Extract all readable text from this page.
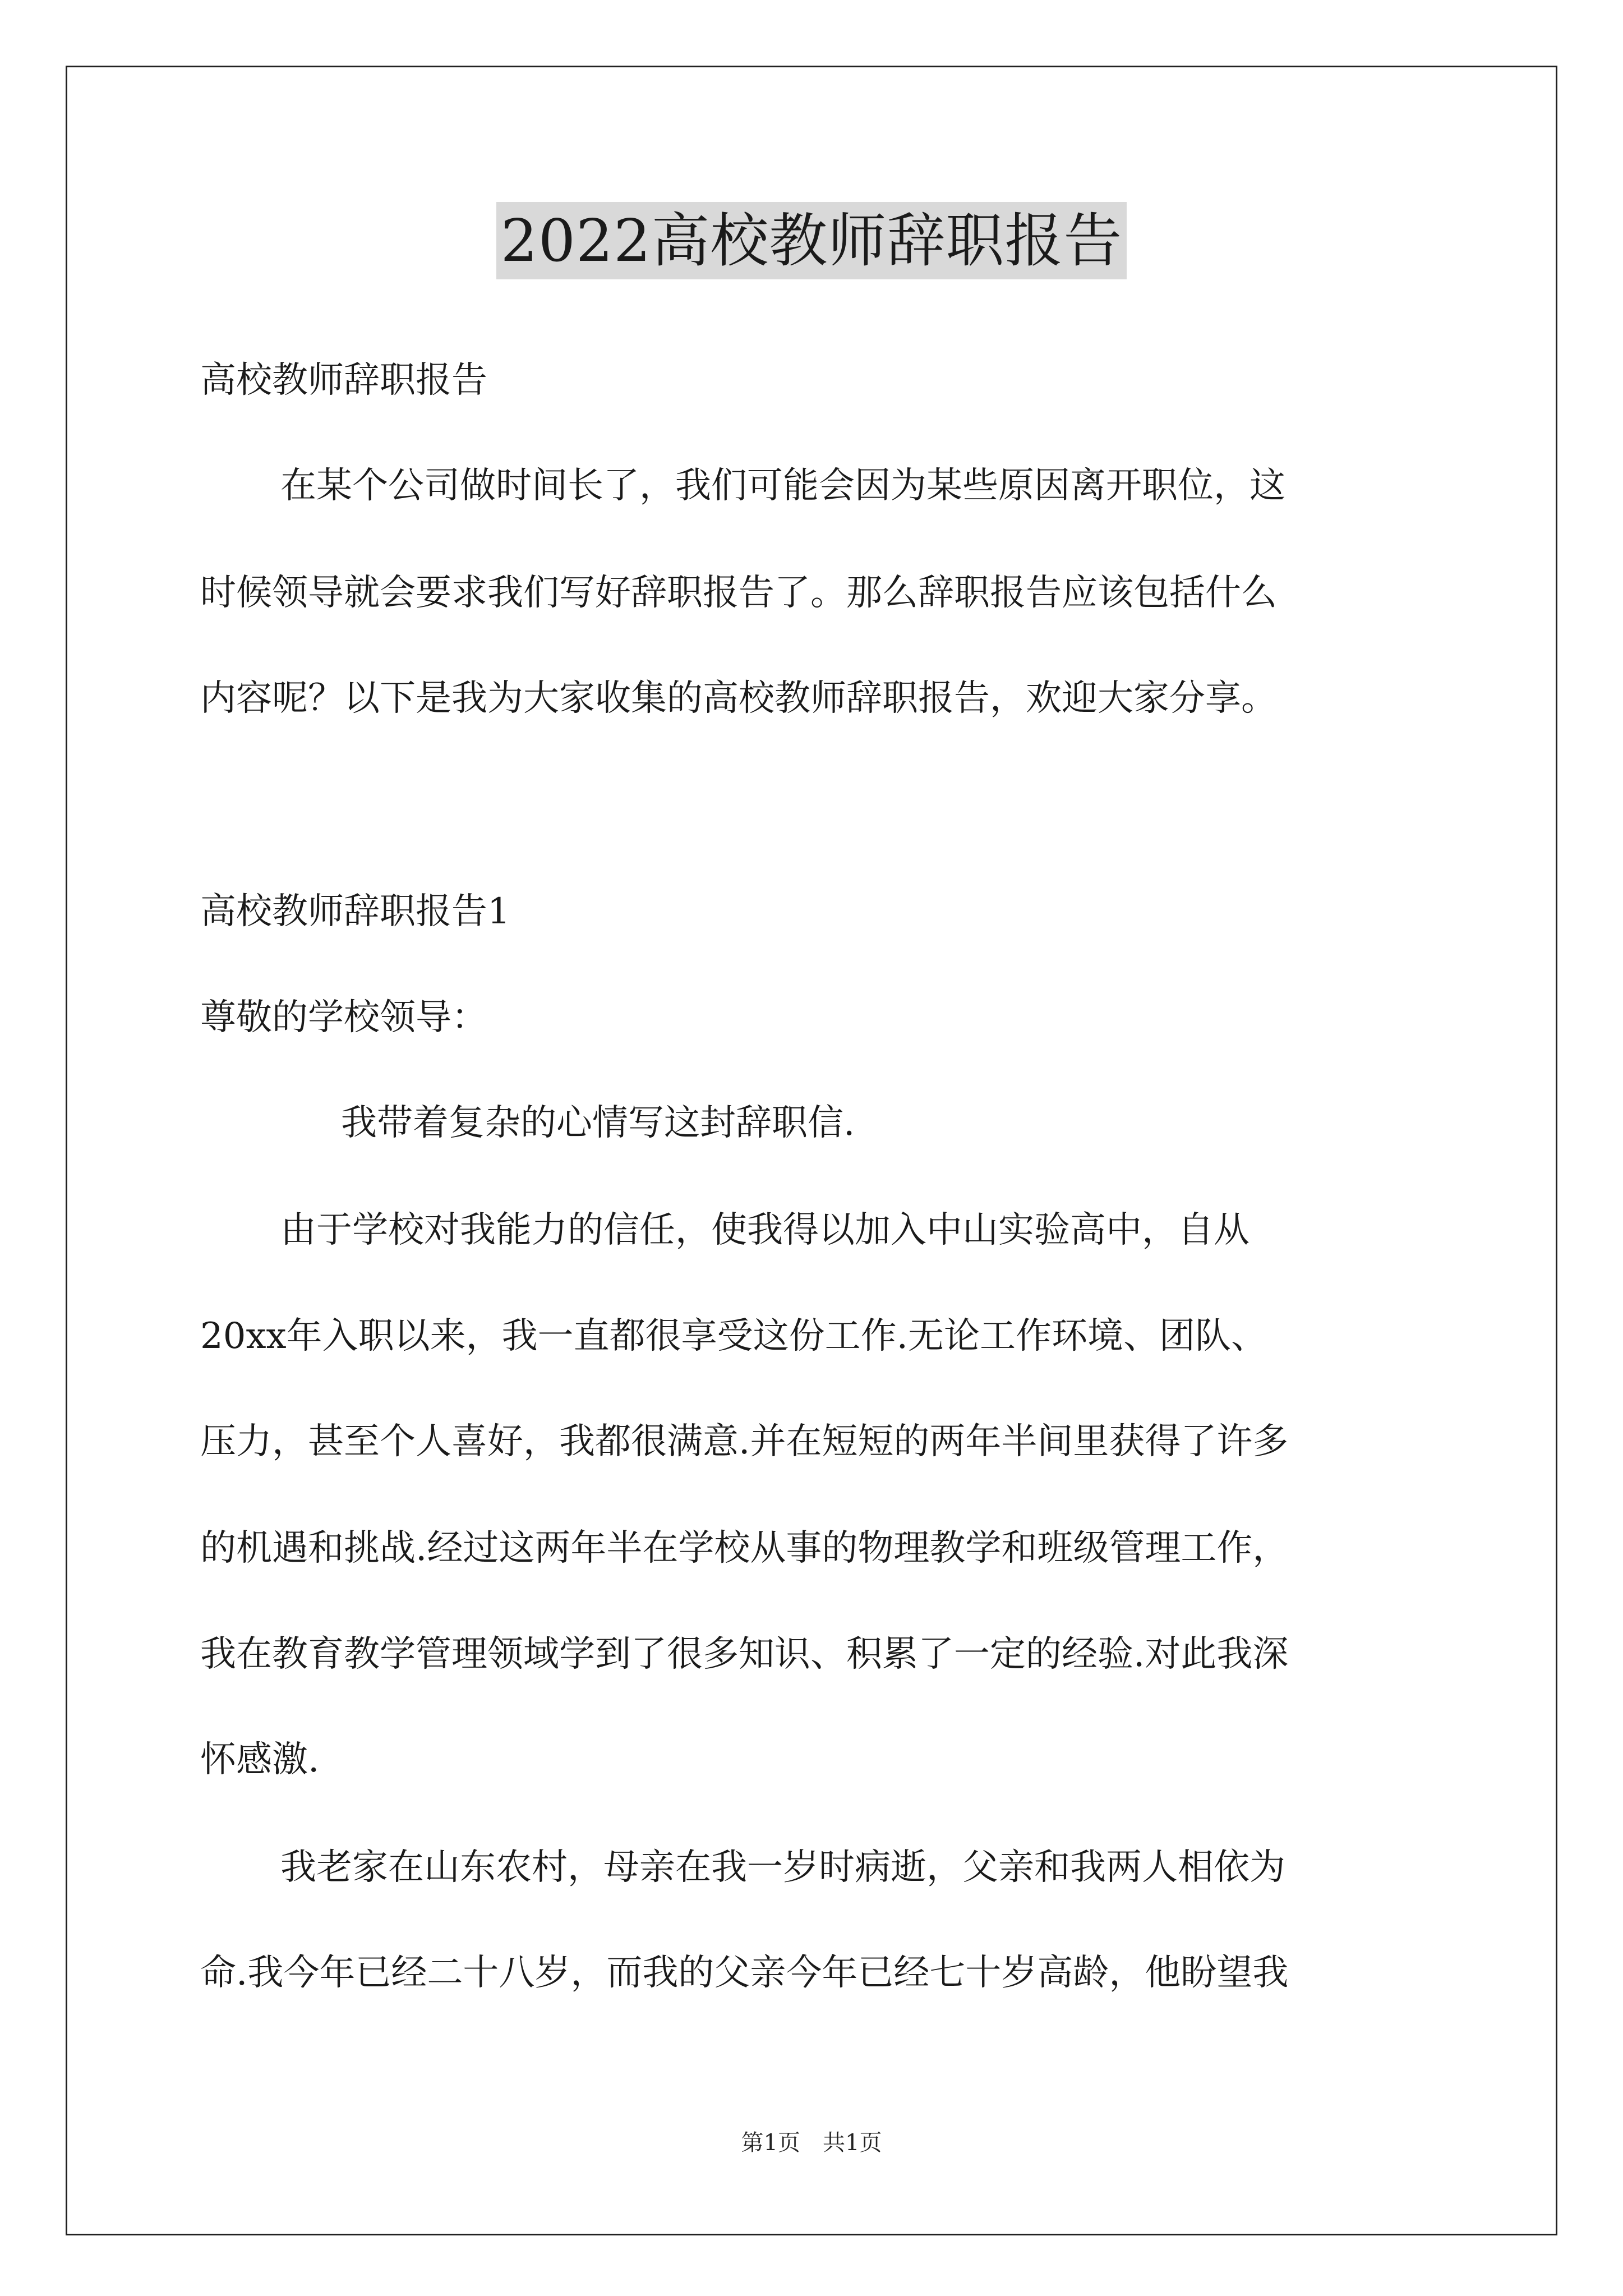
2022高校教师辞职报告
高校教师辞职报告
在某个公司做时间长了，我们可能会因为某些原因离开职位，这
时候领导就会要求我们写好辞职报告了。那么辞职报告应该包括什么
内容呢？以下是我为大家收集的高校教师辞职报告，欢迎大家分享。
高校教师辞职报告1
尊敬的学校领导：
我带着复杂的心情写这封辞职信.
由于学校对我能力的信任，使我得以加入中山实验高中，自从
20xx年入职以来，我一直都很享受这份工作.无论工作环境、团队、
压力，甚至个人喜好，我都很满意.并在短短的两年半间里获得了许多
的机遇和挑战.经过这两年半在学校从事的物理教学和班级管理工作，
我在教育教学管理领域学到了很多知识、积累了一定的经验.对此我深
怀感激.
我老家在山东农村，母亲在我一岁时病逝，父亲和我两人相依为
命.我今年已经二十八岁，而我的父亲今年已经七十岁高龄，他盼望我
第1页　共1页
